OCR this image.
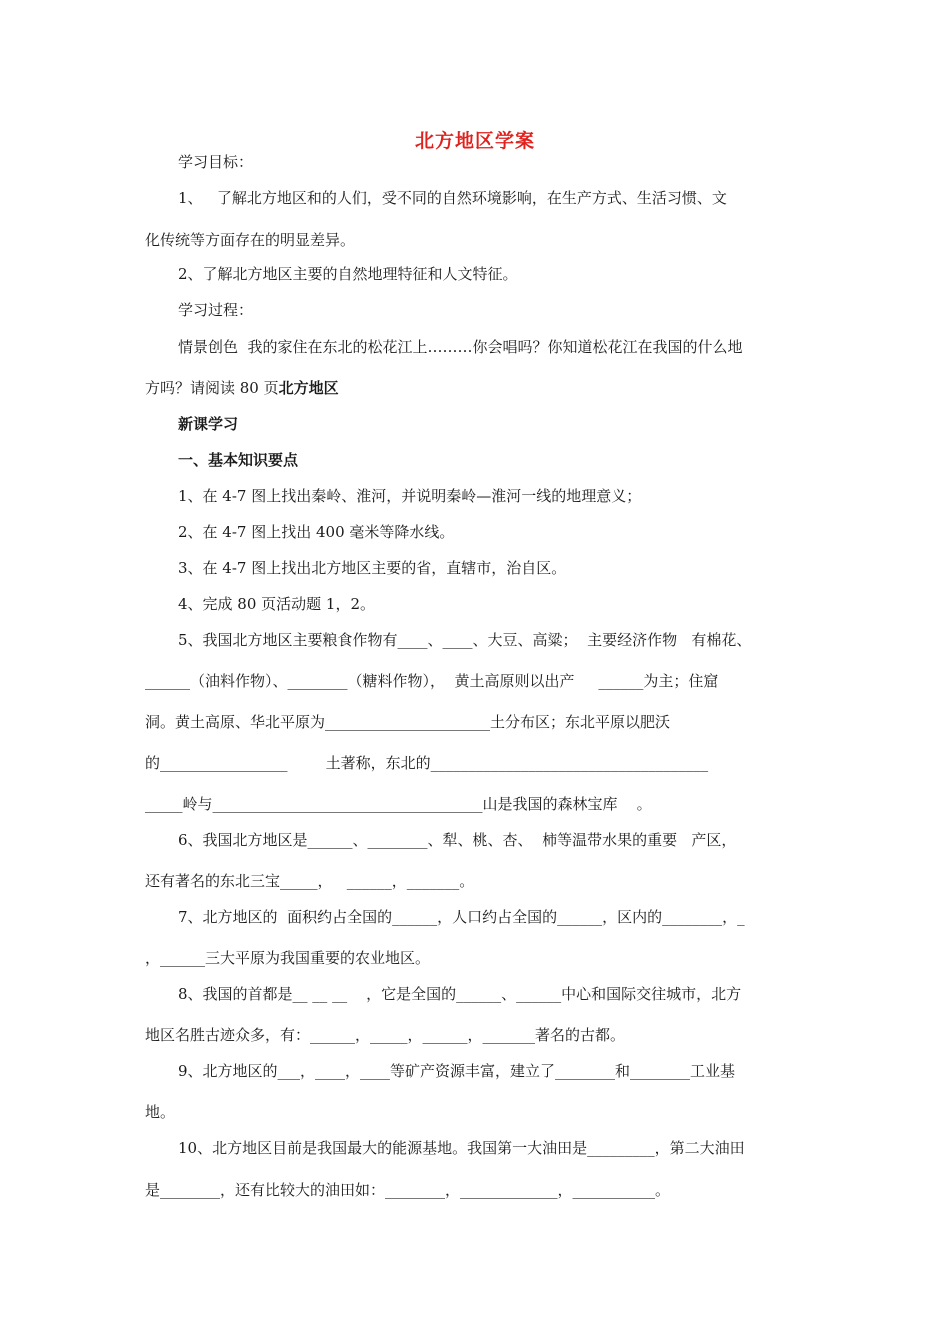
北方地区学案
学习目标：
1、   了解北方地区和的人们，受不同的自然环境影响，在生产方式、生活习惯、文
化传统等方面存在的明显差异。
2、了解北方地区主要的自然地理特征和人文特征。
学习过程：
情景创色  我的家住在东北的松花江上………你会唱吗？你知道松花江在我国的什么地
方吗？请阅读 80 页北方地区
新课学习
一、基本知识要点
1、在 4-7 图上找出秦岭、淮河，并说明秦岭—淮河一线的地理意义；
2、在 4-7 图上找出 400 毫米等降水线。
3、在 4-7 图上找出北方地区主要的省，直辖市，治自区。
4、完成 80 页活动题 1，2。
5、我国北方地区主要粮食作物有____、____、大豆、高粱；  主要经济作物   有棉花、
______（油料作物）、________（糖料作物），  黄土高原则以出产     ______为主；住窟
洞。黄土高原、华北平原为______________________土分布区；东北平原以肥沃
的_________________        土著称，东北的_____________________________________
_____岭与____________________________________山是我国的森林宝库    。
6、我国北方地区是______、________、犁、桃、杏、  柿等温带水果的重要   产区，
还有著名的东北三宝_____，   ______，_______。
7、北方地区的  面积约占全国的______，人口约占全国的______，区内的________，_
，______三大平原为我国重要的农业地区。
8、我国的首都是__ __ __    ，它是全国的______、______中心和国际交往城市，北方
地区名胜古迹众多，有：______，_____，______，_______著名的古都。
9、北方地区的___，____，____等矿产资源丰富，建立了________和________工业基
地。
10、北方地区目前是我国最大的能源基地。我国第一大油田是_________，第二大油田
是________，还有比较大的油田如：________，_____________，___________。
